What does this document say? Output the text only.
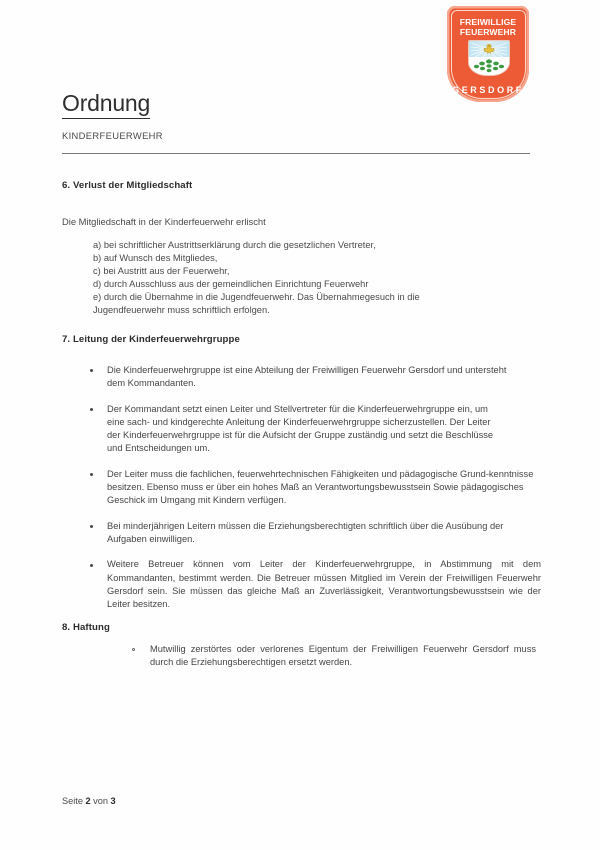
FREIWILLIGE
FEUERWEHR
GERSDORF
Ordnung
KINDERFEUERWEHR
6. Verlust der Mitgliedschaft
Die Mitgliedschaft in der Kinderfeuerwehr erlischt
a) bei schriftlicher Austrittserklärung durch die gesetzlichen Vertreter,
b) auf Wunsch des Mitgliedes,
c) bei Austritt aus der Feuerwehr,
d) durch Ausschluss aus der gemeindlichen Einrichtung Feuerwehr
e) durch die Übernahme in die Jugendfeuerwehr. Das Übernahmegesuch in die Jugendfeuerwehr muss schriftlich erfolgen.
7. Leitung der Kinderfeuerwehrgruppe
Die Kinderfeuerwehrgruppe ist eine Abteilung der Freiwilligen Feuerwehr Gersdorf und untersteht dem Kommandanten.
Der Kommandant setzt einen Leiter und Stellvertreter für die Kinderfeuerwehrgruppe ein, um eine sach- und kindgerechte Anleitung der Kinderfeuerwehrgruppe sicherzustellen. Der Leiter der Kinderfeuerwehrgruppe ist für die Aufsicht der Gruppe zuständig und setzt die Beschlüsse und Entscheidungen um.
Der Leiter muss die fachlichen, feuerwehrtechnischen Fähigkeiten und pädagogische Grund-kenntnisse besitzen. Ebenso muss er über ein hohes Maß an Verantwortungsbewusstsein Sowie pädagogisches Geschick im Umgang mit Kindern verfügen.
Bei minderjährigen Leitern müssen die Erziehungsberechtigten schriftlich über die Ausübung der Aufgaben einwilligen.
Weitere Betreuer können vom Leiter der Kinderfeuerwehrgruppe, in Abstimmung mit dem Kommandanten, bestimmt werden. Die Betreuer müssen Mitglied im Verein der Freiwilligen Feuerwehr Gersdorf sein. Sie müssen das gleiche Maß an Zuverlässigkeit, Verantwortungsbewusstsein wie der Leiter besitzen.
8. Haftung
Mutwillig zerstörtes oder verlorenes Eigentum der Freiwilligen Feuerwehr Gersdorf muss durch die Erziehungsberechtigen ersetzt werden.
Seite 2 von 3
